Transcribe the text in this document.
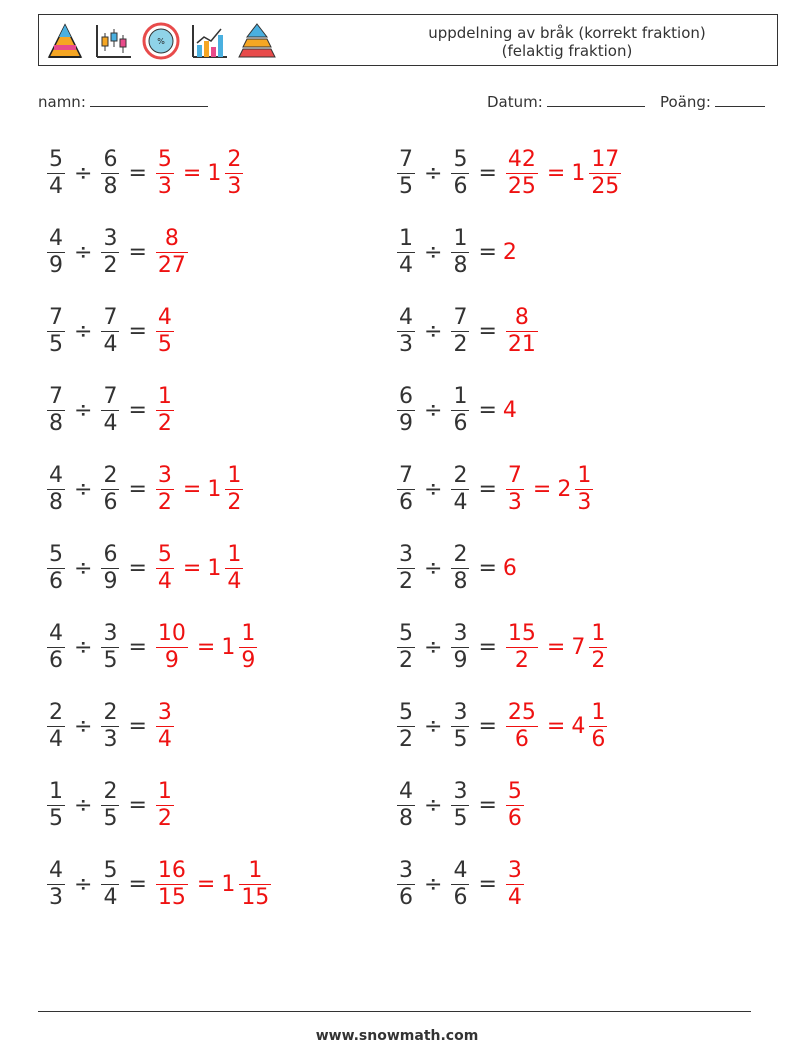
%	uppdelning av bråk (korrekt fraktion)
(felaktig fraktion)
namn:	Datum:	Poäng:
$\frac{5}{4} \div \frac{6}{8} = \frac{5}{3} = 1 \frac{2}{3}$
$\frac{4}{9} \div \frac{3}{2} = \frac{8}{27}$
$\frac{7}{5} \div \frac{7}{4} = \frac{4}{5}$
$\frac{7}{8} \div \frac{7}{4} = \frac{1}{2}$
$\frac{4}{8} \div \frac{2}{6} = \frac{3}{2} = 1 \frac{1}{2}$
$\frac{5}{6} \div \frac{6}{9} = \frac{5}{4} = 1 \frac{1}{4}$
$\frac{4}{6} \div \frac{3}{5} = \frac{10}{9} = 1 \frac{1}{9}$
$\frac{2}{4} \div \frac{2}{3} = \frac{3}{4}$
$\frac{1}{5} \div \frac{2}{5} = \frac{1}{2}$
$\frac{4}{3} \div \frac{5}{4} = \frac{16}{15} = 1 \frac{1}{15}$
$\frac{7}{5} \div \frac{5}{6} = \frac{42}{25} = 1 \frac{17}{25}$
$\frac{1}{4} \div \frac{1}{8} = 2$
$\frac{4}{3} \div \frac{7}{2} = \frac{8}{21}$
$\frac{6}{9} \div \frac{1}{6} = 4$
$\frac{7}{6} \div \frac{2}{4} = \frac{7}{3} = 2 \frac{1}{3}$
$\frac{3}{2} \div \frac{2}{8} = 6$
$\frac{5}{2} \div \frac{3}{9} = \frac{15}{2} = 7 \frac{1}{2}$
$\frac{5}{2} \div \frac{3}{5} = \frac{25}{6} = 4 \frac{1}{6}$
$\frac{4}{8} \div \frac{3}{5} = \frac{5}{6}$
$\frac{3}{6} \div \frac{4}{6} = \frac{3}{4}$
www.snowmath.com
